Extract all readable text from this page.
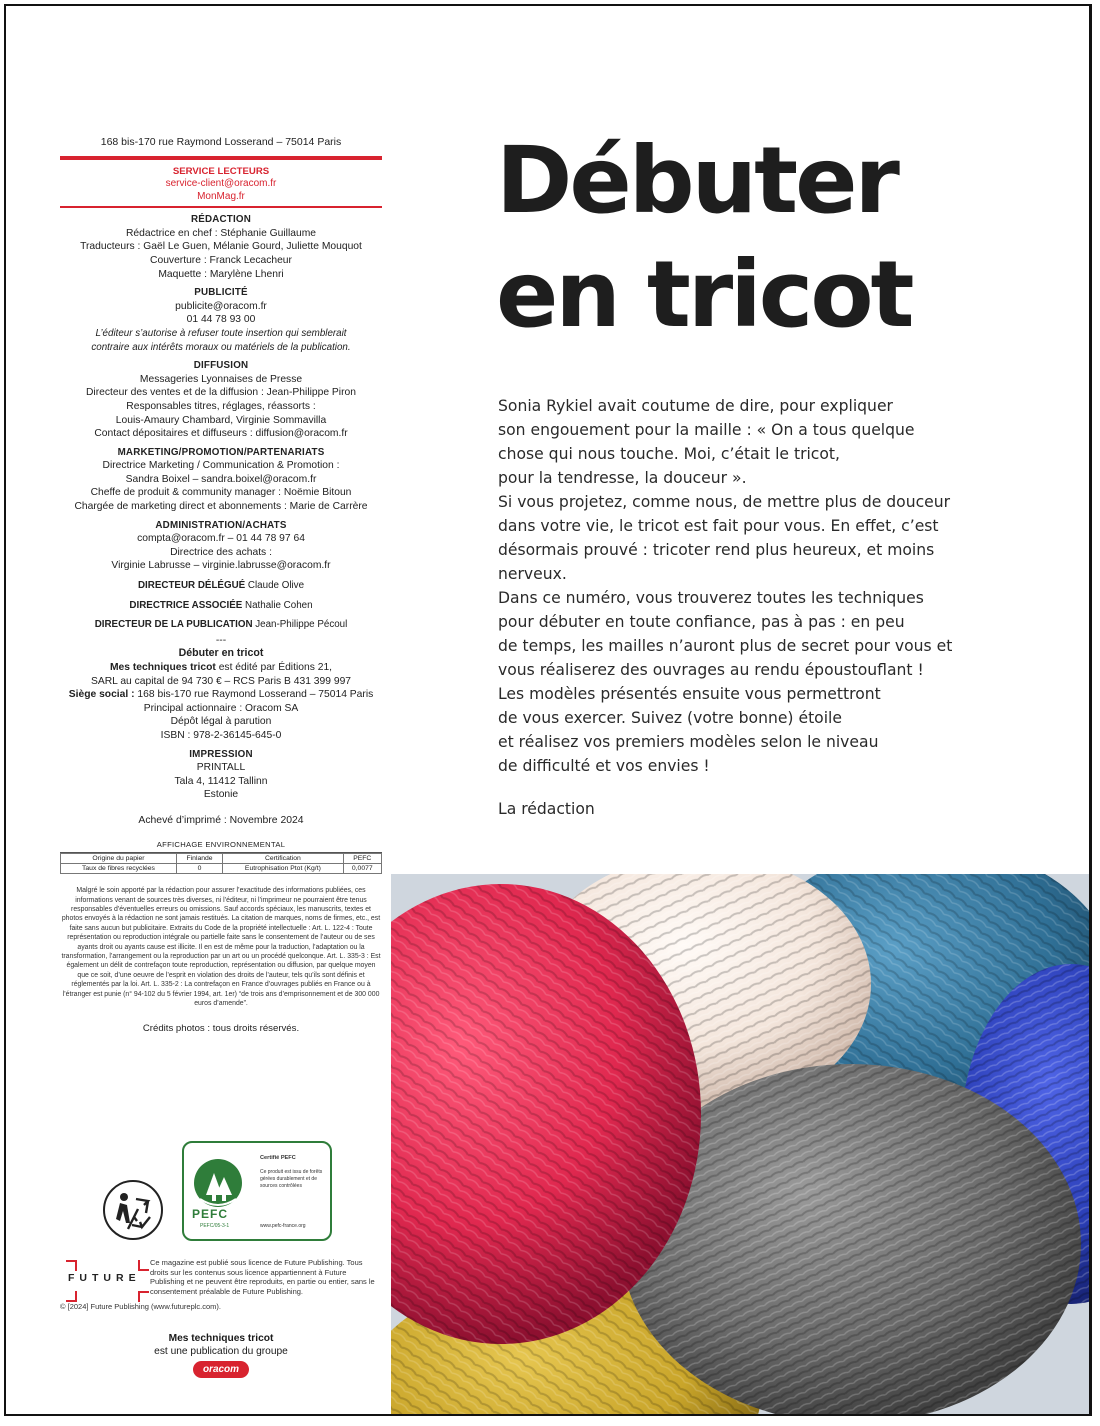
168 bis-170 rue Raymond Losserand – 75014 Paris
SERVICE LECTEURS
service-client@oracom.fr
MonMag.fr
RÉDACTION
Rédactrice en chef : Stéphanie Guillaume
Traducteurs : Gaël Le Guen, Mélanie Gourd, Juliette Mouquot
Couverture : Franck Lecacheur
Maquette : Marylène Lhenri
PUBLICITÉ
publicite@oracom.fr
01 44 78 93 00
L’éditeur s’autorise à refuser toute insertion qui semblerait
contraire aux intérêts moraux ou matériels de la publication.
DIFFUSION
Messageries Lyonnaises de Presse
Directeur des ventes et de la diffusion : Jean-Philippe Piron
Responsables titres, réglages, réassorts :
Louis-Amaury Chambard, Virginie Sommavilla
Contact dépositaires et diffuseurs : diffusion@oracom.fr
MARKETING/PROMOTION/PARTENARIATS
Directrice Marketing / Communication & Promotion :
Sandra Boixel – sandra.boixel@oracom.fr
Cheffe de produit & community manager : Noëmie Bitoun
Chargée de marketing direct et abonnements : Marie de Carrère
ADMINISTRATION/ACHATS
compta@oracom.fr – 01 44 78 97 64
Directrice des achats :
Virginie Labrusse – virginie.labrusse@oracom.fr
DIRECTEUR DÉLÉGUÉ Claude Olive
DIRECTRICE ASSOCIÉE Nathalie Cohen
DIRECTEUR DE LA PUBLICATION Jean-Philippe Pécoul
---
Débuter en tricot
Mes techniques tricot est édité par Éditions 21,
SARL au capital de 94 730 € – RCS Paris B 431 399 997
Siège social : 168 bis-170 rue Raymond Losserand – 75014 Paris
Principal actionnaire : Oracom SA
Dépôt légal à parution
ISBN : 978-2-36145-645-0
IMPRESSION
PRINTALL
Tala 4, 11412 Tallinn
Estonie
Achevé d’imprimé : Novembre 2024
AFFICHAGE ENVIRONNEMENTAL
Origine du papier	Finlande	Certification	PEFC
Taux de fibres recyclées	0	Eutrophisation Ptot (Kg/t)	0,0077
Malgré le soin apporté par la rédaction pour assurer l’exactitude des informations publiées, ces informations venant de sources très diverses, ni l’éditeur, ni l’imprimeur ne pourraient être tenus responsables d’éventuelles erreurs ou omissions. Sauf accords spéciaux, les manuscrits, textes et photos envoyés à la rédaction ne sont jamais restitués. La citation de marques, noms de firmes, etc., est faite sans aucun but publicitaire. Extraits du Code de la propriété intellectuelle : Art. L. 122-4 : Toute représentation ou reproduction intégrale ou partielle faite sans le consentement de l’auteur ou de ses ayants droit ou ayants cause est illicite. Il en est de même pour la traduction, l’adaptation ou la transformation, l’arrangement ou la reproduction par un art ou un procédé quelconque. Art. L. 335-3 : Est également un délit de contrefaçon toute reproduction, représentation ou diffusion, par quelque moyen que ce soit, d’une oeuvre de l’esprit en violation des droits de l’auteur, tels qu’ils sont définis et réglementés par la loi. Art. L. 335-2 : La contrefaçon en France d’ouvrages publiés en France ou à l’étranger est punie (n° 94-102 du 5 février 1994, art. 1er) “de trois ans d’emprisonnement et de 300 000 euros d’amende”.
Crédits photos : tous droits réservés.
PEFC
PEFC/05-3-1
Certifié PEFC
Ce produit est issu de forêts gérées durablement et de sources contrôlées
www.pefc-france.org
FUTURE
Ce magazine est publié sous licence de Future Publishing. Tous droits sur les contenus sous licence appartiennent à Future Publishing et ne peuvent être reproduits, en partie ou entier, sans le consentement préalable de Future Publishing.
© [2024] Future Publishing (www.futureplc.com).
Mes techniques tricot
est une publication du groupe
oracom
Débuter
en tricot

Sonia Rykiel avait coutume de dire, pour expliquer

son engouement pour la maille : « On a tous quelque

chose qui nous touche. Moi, c’était le tricot,

pour la tendresse, la douceur ».

Si vous projetez, comme nous, de mettre plus de douceur

dans votre vie, le tricot est fait pour vous. En effet, c’est

désormais prouvé : tricoter rend plus heureux, et moins

nerveux.

Dans ce numéro, vous trouverez toutes les techniques

pour débuter en toute confiance, pas à pas : en peu

de temps, les mailles n’auront plus de secret pour vous et

vous réaliserez des ouvrages au rendu époustouflant !

Les modèles présentés ensuite vous permettront

de vous exercer. Suivez (votre bonne) étoile

et réalisez vos premiers modèles selon le niveau

de difficulté et vos envies !

La rédaction
